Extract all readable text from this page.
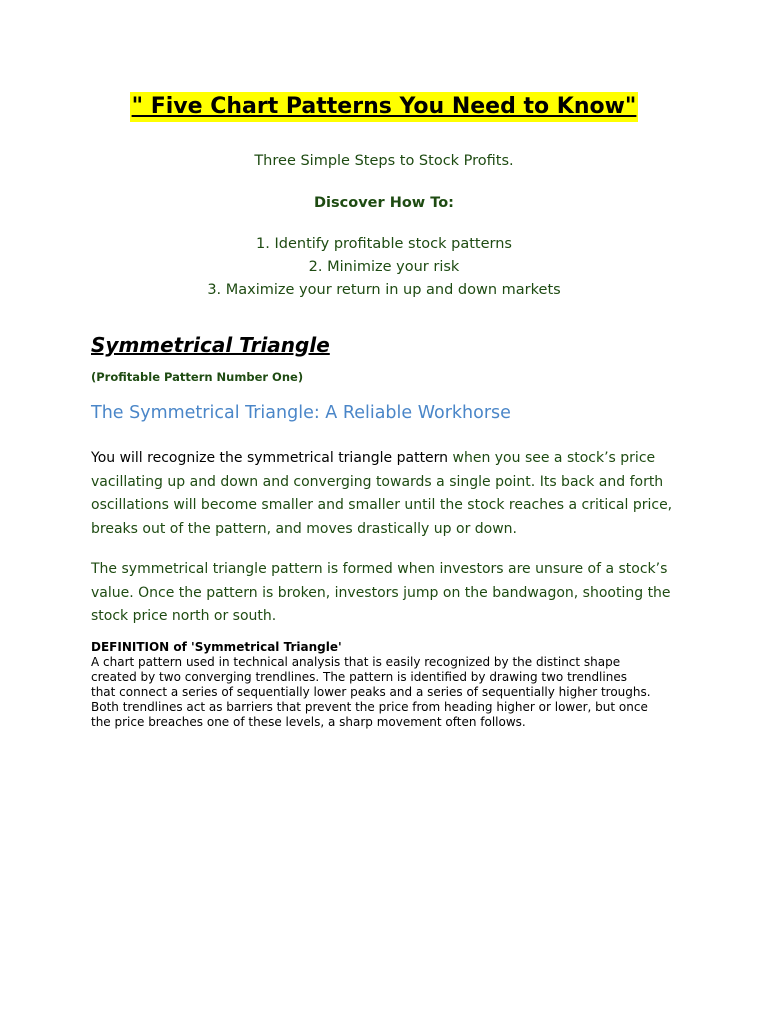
" Five Chart Patterns You Need to Know"
Three Simple Steps to Stock Profits.
Discover How To:
1. Identify profitable stock patterns
2. Minimize your risk
3. Maximize your return in up and down markets
Symmetrical Triangle
(Profitable Pattern Number One)
The Symmetrical Triangle: A Reliable Workhorse
You will recognize the symmetrical triangle pattern when you see a stock’s price
vacillating up and down and converging towards a single point. Its back and forth
oscillations will become smaller and smaller until the stock reaches a critical price,
breaks out of the pattern, and moves drastically up or down.
The symmetrical triangle pattern is formed when investors are unsure of a stock’s
value. Once the pattern is broken, investors jump on the bandwagon, shooting the
stock price north or south.
DEFINITION of 'Symmetrical Triangle'
A chart pattern used in technical analysis that is easily recognized by the distinct shape
created by two converging trendlines. The pattern is identified by drawing two trendlines
that connect a series of sequentially lower peaks and a series of sequentially higher troughs.
Both trendlines act as barriers that prevent the price from heading higher or lower, but once
the price breaches one of these levels, a sharp movement often follows.
